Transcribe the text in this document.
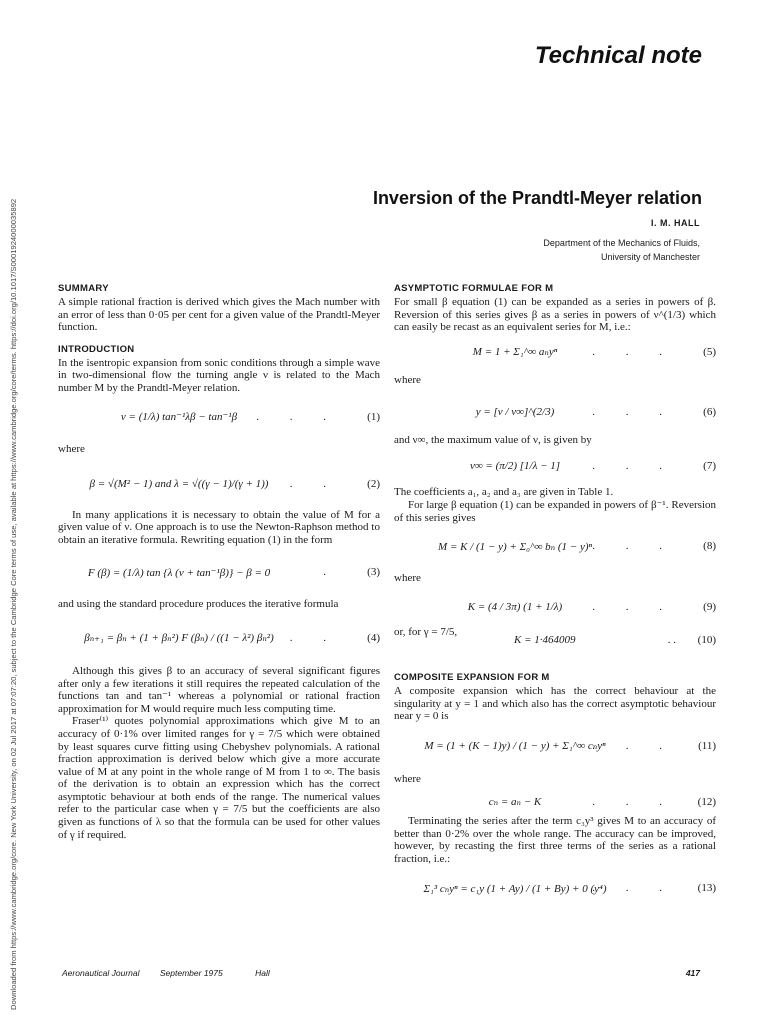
Downloaded from https://www.cambridge.org/core. New York University, on 02 Jul 2017 at 07:07:20, subject to the Cambridge Core terms of use, available at https://www.cambridge.org/core/terms. https://doi.org/10.1017/S0001924000035892
Technical note
Inversion of the Prandtl-Meyer relation
I. M. HALL
Department of the Mechanics of Fluids,
University of Manchester
SUMMARY

A simple rational fraction is derived which gives the Mach number with an error of less than 0·05 per cent for a given value of the Prandtl-Meyer function.

INTRODUCTION

In the isentropic expansion from sonic conditions through a simple wave in two-dimensional flow the turning angle ν is related to the Mach number M by the Prandtl-Meyer relation.

ν = (1/λ) tan⁻¹λβ − tan⁻¹β	. . . (1)
where
β = √(M² − 1) and λ = √((γ − 1)/(γ + 1))	. . (2)

In many applications it is necessary to obtain the value of M for a given value of ν. One approach is to use the Newton-Raphson method to obtain an iterative formula. Rewriting equation (1) in the form

F (β) = (1/λ) tan {λ (ν + tan⁻¹β)} − β = 0	. (3)

and using the standard procedure produces the iterative formula

βₙ₊₁ = βₙ + (1 + βₙ²) F (βₙ) / ((1 − λ²) βₙ²)
. . . (4)

Although this gives β to an accuracy of several significant figures after only a few iterations it still requires the repeated calculation of the functions tan and tan⁻¹ whereas a polynomial or rational fraction approximation for M would require much less computing time.

Fraser⁽¹⁾ quotes polynomial approximations which give M to an accuracy of 0·1% over limited ranges for γ = 7/5 which were obtained by least squares curve fitting using Chebyshev polynomials. A rational fraction approximation is derived below which give a more accurate value of M at any point in the whole range of M from 1 to ∞. The basis of the derivation is to obtain an expression which has the correct asymptotic behaviour at both ends of the range. The numerical values refer to the particular case when γ = 7/5 but the coefficients are also given as functions of λ so that the formula can be used for other values of γ if required.

ASYMPTOTIC FORMULAE FOR M

For small β equation (1) can be expanded as a series in powers of β. Reversion of this series gives β as a series in powers of ν^(1/3) which can easily be recast as an equivalent series for M, i.e.:

M = 1 + Σ₁^∞ aₙyⁿ	. . . (5)
where
y = [ν / ν∞]^(2/3)	. . . (6)

and ν∞, the maximum value of ν, is given by

ν∞ = (π/2) [1/λ − 1]	. . . (7)

The coefficients a₁, a₂ and a₃ are given in Table 1.

For large β equation (1) can be expanded in powers of β⁻¹. Reversion of this series gives

M = K / (1 − y) + Σ₀^∞ bₙ (1 − y)ⁿ . . . (8)
where
K = (4 / 3π) (1 + 1/λ)	. . . (9)
or, for γ = 7/5,
K = 1·464009	. . (10)
COMPOSITE EXPANSION FOR M

A composite expansion which has the correct behaviour at the singularity at y = 1 and which also has the correct asymptotic behaviour near y = 0 is

M = (1 + (K − 1)y) / (1 − y) + Σ₁^∞ cₙyⁿ
. . . (11)
where
cₙ = aₙ − K	. . . (12)

Terminating the series after the term c₃y³ gives M to an accuracy of better than 0·2% over the whole range. The accuracy can be improved, however, by recasting the first three terms of the series as a rational fraction, i.e.:

Σ₁³ cₙyⁿ = c₁y (1 + Ay) / (1 + By) + 0 (y⁴)
. . . (13)
Aeronautical Journal September 1975	Hall	417
